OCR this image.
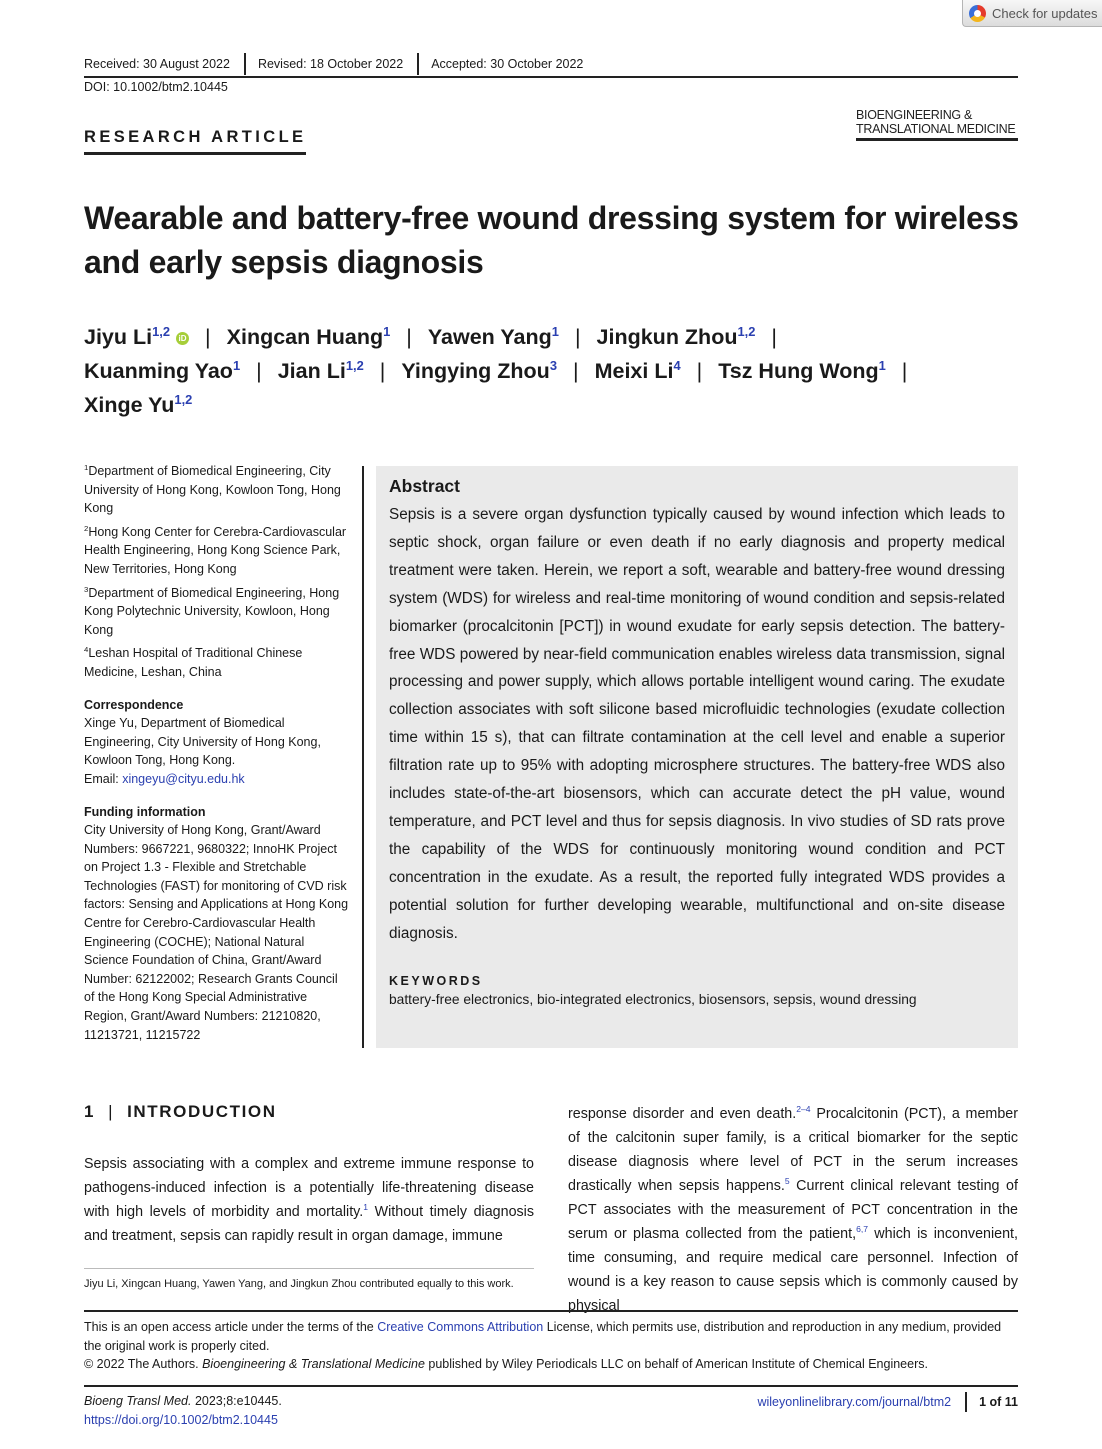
Check for updates
Received: 30 August 2022	Revised: 18 October 2022	Accepted: 30 October 2022
DOI: 10.1002/btm2.10445
RESEARCH ARTICLE
BIOENGINEERING &
TRANSLATIONAL MEDICINE
Wearable and battery-free wound dressing system for wireless and early sepsis diagnosis
Jiyu Li$^{1,2}$ iD | Xingcan Huang$^1$ | Yawen Yang$^1$ | Jingkun Zhou$^{1,2}$ |
Kuanming Yao$^1$ | Jian Li$^{1,2}$ | Yingying Zhou$^3$ | Meixi Li$^4$ | Tsz Hung Wong$^1$ |
Xinge Yu$^{1,2}$
$^1$Department of Biomedical Engineering, City University of Hong Kong, Kowloon Tong, Hong Kong
$^2$Hong Kong Center for Cerebra-Cardiovascular Health Engineering, Hong Kong Science Park, New Territories, Hong Kong
$^3$Department of Biomedical Engineering, Hong Kong Polytechnic University, Kowloon, Hong Kong
$^4$Leshan Hospital of Traditional Chinese Medicine, Leshan, China
Correspondence

Xinge Yu, Department of Biomedical Engineering, City University of Hong Kong, Kowloon Tong, Hong Kong.

Email: xingeyu@cityu.edu.hk

Funding information

City University of Hong Kong, Grant/Award Numbers: 9667221, 9680322; InnoHK Project on Project 1.3 - Flexible and Stretchable Technologies (FAST) for monitoring of CVD risk factors: Sensing and Applications at Hong Kong Centre for Cerebro-Cardiovascular Health Engineering (COCHE); National Natural Science Foundation of China, Grant/Award Number: 62122002; Research Grants Council of the Hong Kong Special Administrative Region, Grant/Award Numbers: 21210820, 11213721, 11215722

Abstract

Sepsis is a severe organ dysfunction typically caused by wound infection which leads to septic shock, organ failure or even death if no early diagnosis and property medical treatment were taken. Herein, we report a soft, wearable and battery-free wound dressing system (WDS) for wireless and real-time monitoring of wound condition and sepsis-related biomarker (procalcitonin [PCT]) in wound exudate for early sepsis detection. The battery-free WDS powered by near-field communication enables wireless data transmission, signal processing and power supply, which allows portable intelligent wound caring. The exudate collection associates with soft silicone based microfluidic technologies (exudate collection time within 15 s), that can filtrate contamination at the cell level and enable a superior filtration rate up to 95% with adopting microsphere structures. The battery-free WDS also includes state-of-the-art biosensors, which can accurate detect the pH value, wound temperature, and PCT level and thus for sepsis diagnosis. In vivo studies of SD rats prove the capability of the WDS for continuously monitoring wound condition and PCT concentration in the exudate. As a result, the reported fully integrated WDS provides a potential solution for further developing wearable, multifunctional and on-site disease diagnosis.

KEYWORDS

battery-free electronics, bio-integrated electronics, biosensors, sepsis, wound dressing

1 | INTRODUCTION

Sepsis associating with a complex and extreme immune response to pathogens-induced infection is a potentially life-threatening disease with high levels of morbidity and mortality.$^1$ Without timely diagnosis and treatment, sepsis can rapidly result in organ damage, immune

Jiyu Li, Xingcan Huang, Yawen Yang, and Jingkun Zhou contributed equally to this work.

response disorder and even death.$^{2-4}$ Procalcitonin (PCT), a member of the calcitonin super family, is a critical biomarker for the septic disease diagnosis where level of PCT in the serum increases drastically when sepsis happens.$^5$ Current clinical relevant testing of PCT associates with the measurement of PCT concentration in the serum or plasma collected from the patient,$^{6,7}$ which is inconvenient, time consuming, and require medical care personnel. Infection of wound is a key reason to cause sepsis which is commonly caused by physical

This is an open access article under the terms of the Creative Commons Attribution License, which permits use, distribution and reproduction in any medium, provided the original work is properly cited.

© 2022 The Authors. Bioengineering & Translational Medicine published by Wiley Periodicals LLC on behalf of American Institute of Chemical Engineers.

Bioeng Transl Med. 2023;8:e10445.
https://doi.org/10.1002/btm2.10445
wileyonlinelibrary.com/journal/btm2 1 of 11
